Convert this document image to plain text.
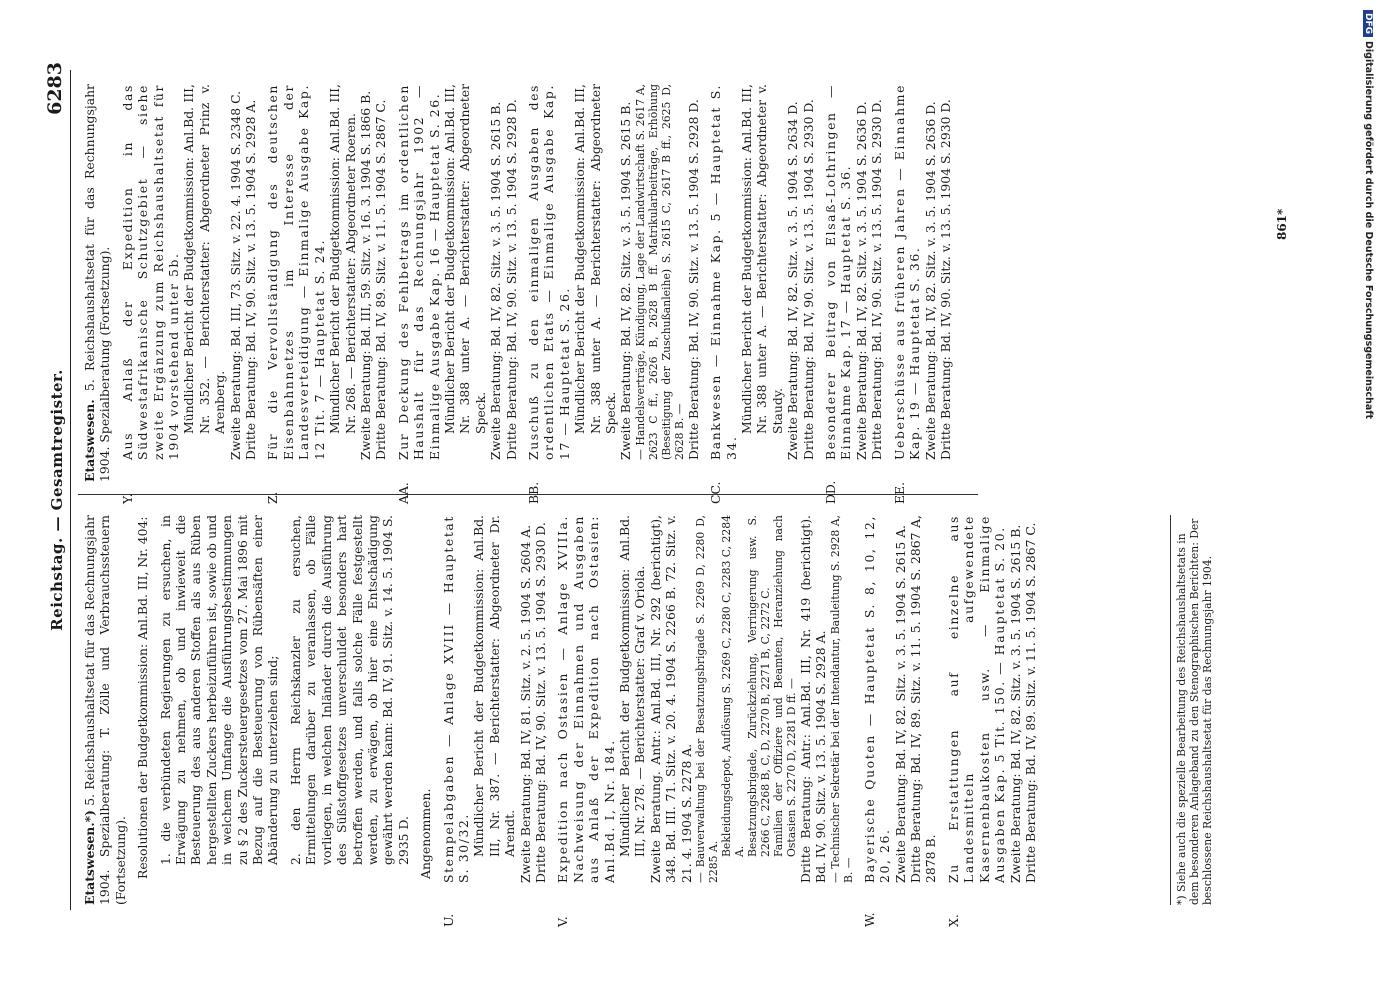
Reichstag. — Gesamtregister.
6283
Etatswesen.*) 5. Reichshaushaltsetat für das Rechnungsjahr 1904. Spezialberatung: T. Zölle und Verbrauchssteuern (Fortsetzung). Resolutionen der Budgetkommission: Anl.Bd. III, Nr. 404: 1. die verbündeten Regierungen zu ersuchen, in Erwägung zu nehmen, ob und inwieweit die Besteuerung des aus anderen Stoffen als aus Rüben hergestellten Zuckers herbeizuführen ist, sowie ob und in welchem Umfange die Ausführungsbestimmungen zu § 2 des Zuckersteuergesetzes vom 27. Mai 1896 mit Bezug auf die Besteuerung von Rübensäften einer Abänderung zu unterziehen sind; 2. den Herrn Reichskanzler zu ersuchen, Ermittelungen darüber zu veranlassen, ob Fälle vorliegen, in welchen Inländer durch die Ausführung des Süßstoffgesetzes unverschuldet besonders hart betroffen werden, und falls solche Fälle festgestellt werden, zu erwägen, ob hier eine Entschädigung gewährt werden kann: Bd. IV, 91. Sitz. v. 14. 5. 1904 S. 2935 D. Angenommen.
U.
Stempelabgaben — Anlage XVIII — Hauptetat S. 30/32. Mündlicher Bericht der Budgetkommission: Anl.Bd. III, Nr. 387. — Berichterstatter: Abgeordneter Dr. Arendt. Zweite Beratung: Bd. IV, 81. Sitz. v. 2. 5. 1904 S. 2604 A. Dritte Beratung: Bd. IV, 90. Sitz. v. 13. 5. 1904 S. 2930 D.
V.
Expedition nach Ostasien — Anlage XVIIIa. Nachweisung der Einnahmen und Ausgaben aus Anlaß der Expedition nach Ostasien: Anl.Bd. I, Nr. 184. Mündlicher Bericht der Budgetkommission: Anl.Bd. III, Nr. 278. — Berichterstatter: Graf v. Oriola. Zweite Beratung. Antr.: Anl.Bd. III, Nr. 292 (berichtigt), 348. Bd. III. 71. Sitz. v. 20. 4. 1904 S. 2266 B. 72. Sitz. v. 21. 4. 1904 S. 2278 A. — Bauverwaltung bei der Besatzungsbrigade S. 2269 D, 2280 D, 2285 A.
Bekleidungsdepot, Auflösung S. 2269 C, 2280 C, 2283 C, 2284 A. Besatzungsbrigade, Zurückziehung, Verringerung usw. S. 2266 C, 2268 B, C, D, 2270 B, 2271 B, C, 2272 C. Familien der Offiziere und Beamten, Heranziehung nach Ostasien S. 2270 D, 2281 D ff. — Dritte Beratung: Antr.: Anl.Bd. III, Nr. 419 (berichtigt). Bd. IV, 90. Sitz. v. 13. 5. 1904 S. 2928 A. — Technischer Sekretär bei der Intendantur, Bauleitung S. 2928 A, B. —
W.
Bayerische Quoten — Hauptetat S. 8, 10, 12, 20, 26. Zweite Beratung: Bd. IV, 82. Sitz. v. 3. 5. 1904 S. 2615 A. Dritte Beratung: Bd. IV, 89. Sitz. v. 11. 5. 1904 S. 2867 A, 2878 B.
X.
Zu Erstattungen auf einzelne aus Landesmitteln aufgewendete Kasernenbaukosten usw. — Einmalige Ausgaben Kap. 5 Tit. 150. — Hauptetat S. 20. Zweite Beratung: Bd. IV, 82. Sitz. v. 3. 5. 1904 S. 2615 B. Dritte Beratung: Bd. IV, 89. Sitz. v. 11. 5. 1904 S. 2867 C.	*) Siehe auch die spezielle Bearbeitung des Reichshaushaltsetats in dem besonderen Anlageband zu den Stenographischen Berichten: Der beschlossene Reichshaushaltsetat für das Rechnungsjahr 1904.
Etatswesen. 5. Reichshaushaltsetat für das Rechnungsjahr 1904. Spezialberatung (Fortsetzung).
Y.
Aus Anlaß der Expedition in das Südwestafrikanische Schutzgebiet — siehe zweite Ergänzung zum Reichshaushaltsetat für 1904 vorstehend unter 5b. Mündlicher Bericht der Budgetkommission: Anl.Bd. III, Nr. 352. — Berichterstatter: Abgeordneter Prinz v. Arenberg. Zweite Beratung: Bd. III, 73. Sitz. v. 22. 4. 1904 S. 2348 C. Dritte Beratung: Bd. IV, 90. Sitz. v. 13. 5. 1904 S. 2928 A.
Z.
Für die Vervollständigung des deutschen Eisenbahnnetzes im Interesse der Landesverteidigung — Einmalige Ausgabe Kap. 12 Tit. 7 — Hauptetat S. 24. Mündlicher Bericht der Budgetkommission: Anl.Bd. III, Nr. 268. — Berichterstatter: Abgeordneter Roeren. Zweite Beratung: Bd. III, 59. Sitz. v. 16. 3. 1904 S. 1866 B. Dritte Beratung: Bd. IV, 89. Sitz. v. 11. 5. 1904 S. 2867 C.
AA.
Zur Deckung des Fehlbetrags im ordentlichen Haushalt für das Rechnungsjahr 1902 — Einmalige Ausgabe Kap. 16 — Hauptetat S. 26. Mündlicher Bericht der Budgetkommission: Anl.Bd. III, Nr. 388 unter A. — Berichterstatter: Abgeordneter Speck. Zweite Beratung: Bd. IV, 82. Sitz. v. 3. 5. 1904 S. 2615 B. Dritte Beratung: Bd. IV, 90. Sitz. v. 13. 5. 1904 S. 2928 D.
BB.
Zuschuß zu den einmaligen Ausgaben des ordentlichen Etats — Einmalige Ausgabe Kap. 17 — Hauptetat S. 26. Mündlicher Bericht der Budgetkommission: Anl.Bd. III, Nr. 388 unter A. — Berichterstatter: Abgeordneter Speck. Zweite Beratung: Bd. IV, 82. Sitz. v. 3. 5. 1904 S. 2615 B. — Handelsverträge, Kündigung, Lage der Landwirtschaft S. 2617 A, 2623 C ff., 2626 B, 2628 B ff. Matrikularbeiträge, Erhöhung (Beseitigung der Zuschußanleihe) S. 2615 C, 2617 B ff., 2625 D, 2628 B. — Dritte Beratung: Bd. IV, 90. Sitz. v. 13. 5. 1904 S. 2928 D.
CC.
Bankwesen — Einnahme Kap. 5 — Hauptetat S. 34.
Mündlicher Bericht der Budgetkommission: Anl.Bd. III, Nr. 388 unter A. — Berichterstatter: Abgeordneter v. Staudy. Zweite Beratung: Bd. IV, 82. Sitz. v. 3. 5. 1904 S. 2634 D. Dritte Beratung: Bd. IV, 90. Sitz. v. 13. 5. 1904 S. 2930 D.
DD.
Besonderer Beitrag von Elsaß-Lothringen — Einnahme Kap. 17 — Hauptetat S. 36. Zweite Beratung: Bd. IV, 82. Sitz. v. 3. 5. 1904 S. 2636 D. Dritte Beratung: Bd. IV, 90. Sitz. v. 13. 5. 1904 S. 2930 D.
EE.
Ueberschüsse aus früheren Jahren — Einnahme Kap. 19 — Hauptetat S. 36. Zweite Beratung: Bd. IV, 82. Sitz. v. 3. 5. 1904 S. 2636 D. Dritte Beratung: Bd. IV, 90. Sitz. v. 13. 5. 1904 S. 2930 D.	861*
DFGDigitalisierung gefördert durch die Deutsche Forschungsgemeinschaft
